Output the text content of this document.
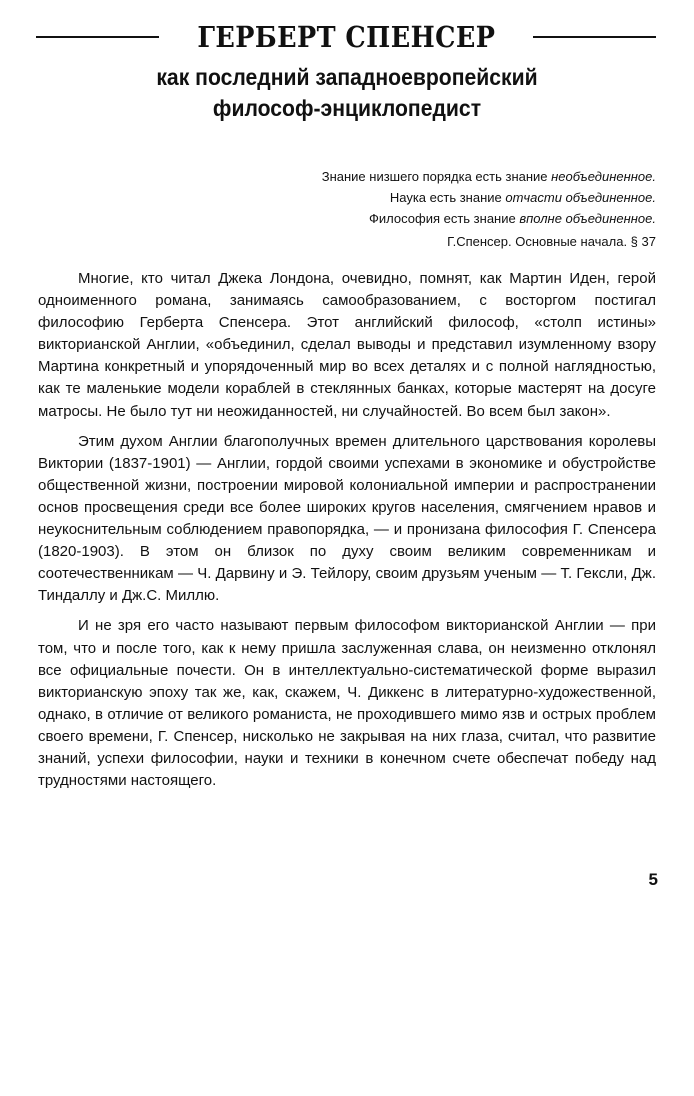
ГЕРБЕРТ СПЕНСЕР
как последний западноевропейский
философ-энциклопедист
Знание низшего порядка есть знание необъединенное.
Наука есть знание отчасти объединенное.
Философия есть знание вполне объединенное.
Г.Спенсер. Основные начала. § 37

Многие, кто читал Джека Лондона, очевидно, помнят, как Мартин Иден, герой одноименного романа, занимаясь самообразованием, с восторгом постигал философию Герберта Спенсера. Этот английский философ, «столп истины» викторианской Англии, «объединил, сделал выводы и представил изумленному взору Мартина конкретный и упорядоченный мир во всех деталях и с полной наглядностью, как те маленькие модели кораблей в стеклянных банках, которые мастерят на досуге матросы. Не было тут ни неожиданностей, ни случайностей. Во всем был закон».

Этим духом Англии благополучных времен длительного царствования королевы Виктории (1837-1901) — Англии, гордой своими успехами в экономике и обустройстве общественной жизни, построении мировой колониальной империи и распространении основ просвещения среди все более широких кругов населения, смягчением нравов и неукоснительным соблюдением правопорядка, — и пронизана философия Г. Спенсера (1820-1903). В этом он близок по духу своим великим современникам и соотечественникам — Ч. Дарвину и Э. Тейлору, своим друзьям ученым — Т. Гексли, Дж. Тиндаллу и Дж.С. Миллю.

И не зря его часто называют первым философом викторианской Англии — при том, что и после того, как к нему пришла заслуженная слава, он неизменно отклонял все официальные почести. Он в интеллектуально-систематической форме выразил викторианскую эпоху так же, как, скажем, Ч. Диккенс в литературно-художественной, однако, в отличие от великого романиста, не проходившего мимо язв и острых проблем своего времени, Г. Спенсер, нисколько не закрывая на них глаза, считал, что развитие знаний, успехи философии, науки и техники в конечном счете обеспечат победу над трудностями настоящего.

5
